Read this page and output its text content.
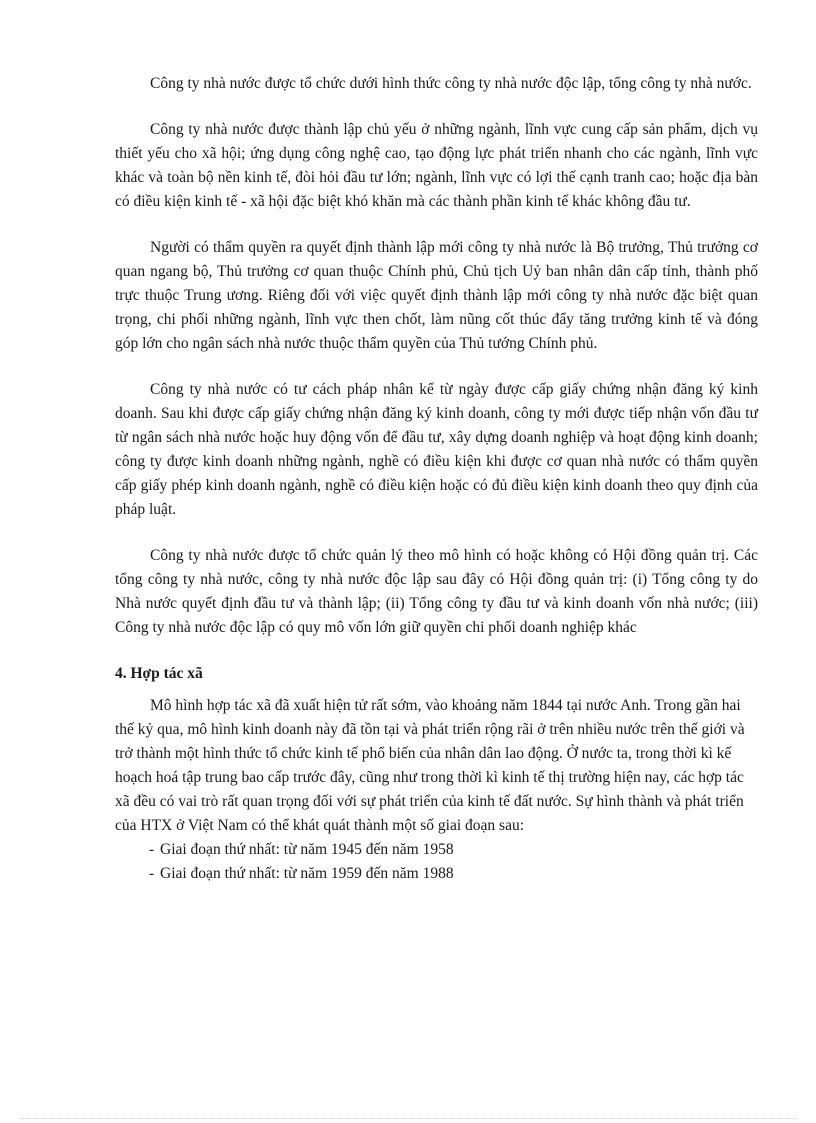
Công ty nhà nước được tổ chức dưới hình thức công ty nhà nước độc lập, tổng công ty nhà nước.

Công ty nhà nước được thành lập chủ yếu ở những ngành, lĩnh vực cung cấp sản phẩm, dịch vụ thiết yếu cho xã hội; ứng dụng công nghệ cao, tạo động lực phát triển nhanh cho các ngành, lĩnh vực khác và toàn bộ nền kinh tế, đòi hỏi đầu tư lớn; ngành, lĩnh vực có lợi thế cạnh tranh cao; hoặc địa bàn có điều kiện kinh tế - xã hội đặc biệt khó khăn mà các thành phần kinh tế khác không đầu tư.

Người có thẩm quyền ra quyết định thành lập mới công ty nhà nước là Bộ trưởng, Thủ trưởng cơ quan ngang bộ, Thủ trưởng cơ quan thuộc Chính phủ, Chủ tịch Uỷ ban nhân dân cấp tỉnh, thành phố trực thuộc Trung ương. Riêng đối với việc quyết định thành lập mới công ty nhà nước đặc biệt quan trọng, chi phối những ngành, lĩnh vực then chốt, làm nũng cốt thúc đẩy tăng trưởng kinh tế và đóng góp lớn cho ngân sách nhà nước thuộc thẩm quyền của Thủ tướng Chính phủ.

Công ty nhà nước có tư cách pháp nhân kể từ ngày được cấp giấy chứng nhận đăng ký kinh doanh. Sau khi được cấp giấy chứng nhận đăng ký kinh doanh, công ty mới được tiếp nhận vốn đầu tư từ ngân sách nhà nước hoặc huy động vốn để đầu tư, xây dựng doanh nghiệp và hoạt động kinh doanh; công ty được kinh doanh những ngành, nghề có điều kiện khi được cơ quan nhà nước có thẩm quyền cấp giấy phép kinh doanh ngành, nghề có điều kiện hoặc có đủ điều kiện kinh doanh theo quy định của pháp luật.

Công ty nhà nước được tổ chức quản lý theo mô hình có hoặc không có Hội đồng quản trị. Các tổng công ty nhà nước, công ty nhà nước độc lập sau đây có Hội đồng quản trị: (i) Tổng công ty do Nhà nước quyết định đầu tư và thành lập; (ii) Tổng công ty đầu tư và kinh doanh vốn nhà nước; (iii) Công ty nhà nước độc lập có quy mô vốn lớn giữ quyền chi phối doanh nghiệp khác

4. Hợp tác xã

Mô hình hợp tác xã đã xuất hiện tử rất sớm, vào khoảng năm 1844 tại nước Anh. Trong gần hai thế kỷ qua, mô hình kinh doanh này đã tồn tại và phát triển rộng rãi ở trên nhiều nước trên thế giới và trở thành một hình thức tổ chức kinh tế phổ biến của nhân dân lao động. Ở nước ta, trong thời kì kế hoạch hoá tập trung bao cấp trước đây, cũng như trong thời kì kinh tế thị trường hiện nay, các hợp tác xã đều có vai trò rất quan trọng đối với sự phát triển của kinh tế đất nước. Sự hình thành và phát triển của HTX ở Việt Nam có thể khát quát thành một số giai đoạn sau:

- Giai đoạn thứ nhất: từ năm 1945 đến năm 1958
- Giai đoạn thứ nhất: từ năm 1959 đến năm 1988
